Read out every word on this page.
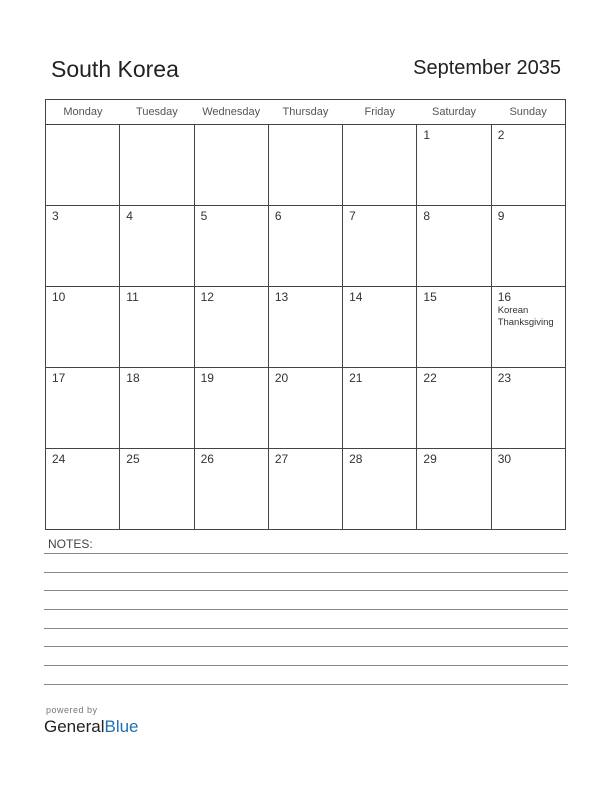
South Korea	September 2035
Monday	Tuesday	Wednesday	Thursday	Friday	Saturday	Sunday

					1	2

3	4	5	6	7	8	9

10	11	12	13	14	15	16
Korean Thanksgiving

17	18	19	20	21	22	23

24	25	26	27	28	29	30
NOTES:
powered by
GeneralBlue
